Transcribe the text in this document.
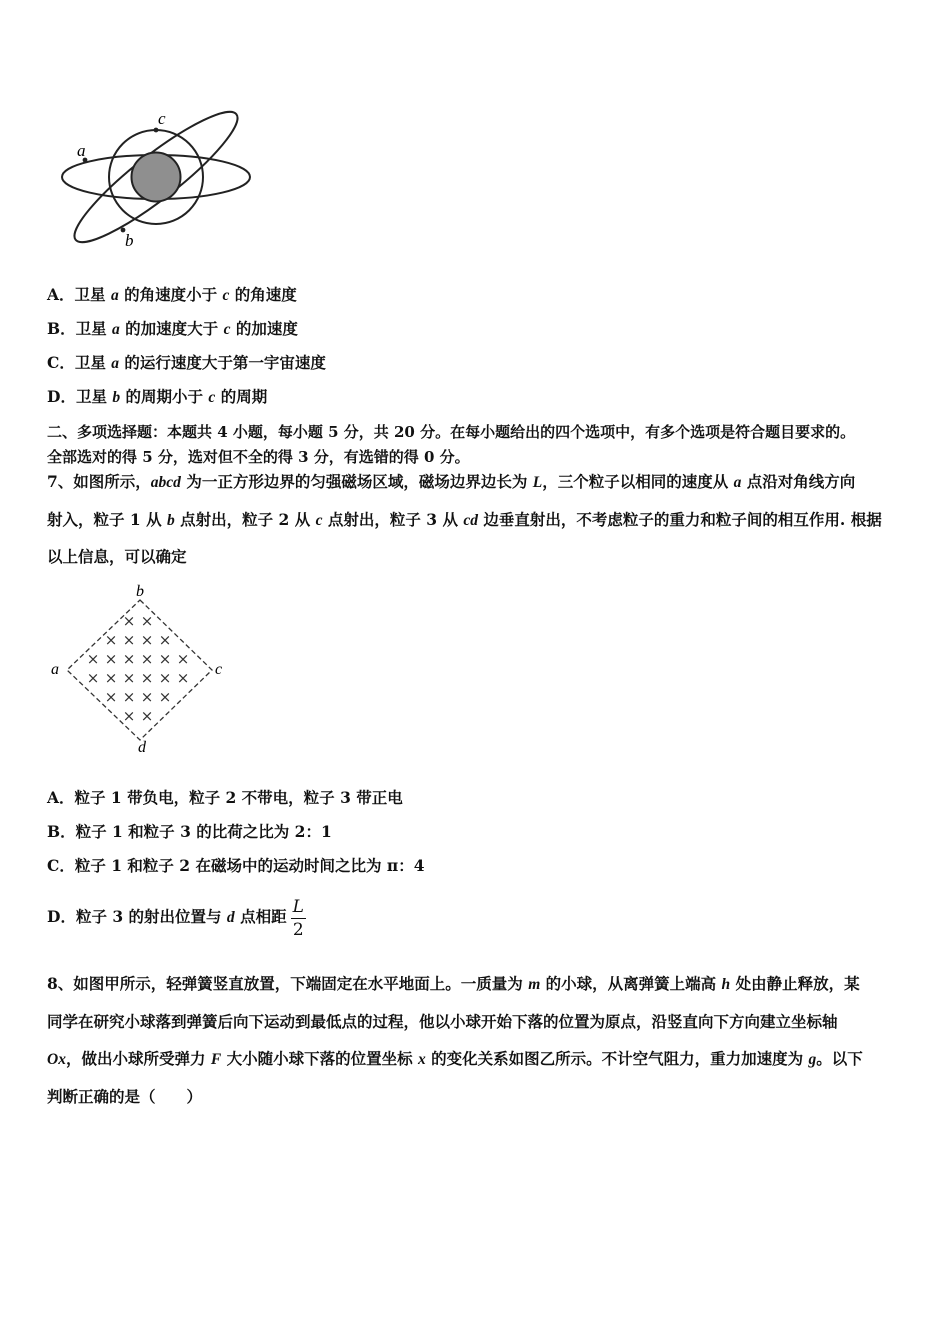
a
c
b
A．卫星 a 的角速度小于 c 的角速度
B．卫星 a 的加速度大于 c 的加速度
C．卫星 a 的运行速度大于第一宇宙速度
D．卫星 b 的周期小于 c 的周期
二、多项选择题：本题共 4 小题，每小题 5 分，共 20 分。在每小题给出的四个选项中，有多个选项是符合题目要求的。
全部选对的得 5 分，选对但不全的得 3 分，有选错的得 0 分。
7、如图所示，abcd 为一正方形边界的匀强磁场区域，磁场边界边长为 L，三个粒子以相同的速度从 a 点沿对角线方向
射入，粒子 1 从 b 点射出，粒子 2 从 c 点射出，粒子 3 从 cd 边垂直射出，不考虑粒子的重力和粒子间的相互作用. 根据
以上信息，可以确定
b
a	c
d
× ×
× × × ×
× × × × × ×
× × × × × ×
× × × ×
× ×
A．粒子 1 带负电，粒子 2 不带电，粒子 3 带正电
B．粒子 1 和粒子 3 的比荷之比为 2：1
C．粒子 1 和粒子 2 在磁场中的运动时间之比为 π：4
D．粒子 3 的射出位置与 d 点相距 $\frac{L}{2}$
8、如图甲所示，轻弹簧竖直放置，下端固定在水平地面上。一质量为 m 的小球，从离弹簧上端高 h 处由静止释放，某
同学在研究小球落到弹簧后向下运动到最低点的过程，他以小球开始下落的位置为原点，沿竖直向下方向建立坐标轴
Ox，做出小球所受弹力 F 大小随小球下落的位置坐标 x 的变化关系如图乙所示。不计空气阻力，重力加速度为 g。以下
判断正确的是（　　）
